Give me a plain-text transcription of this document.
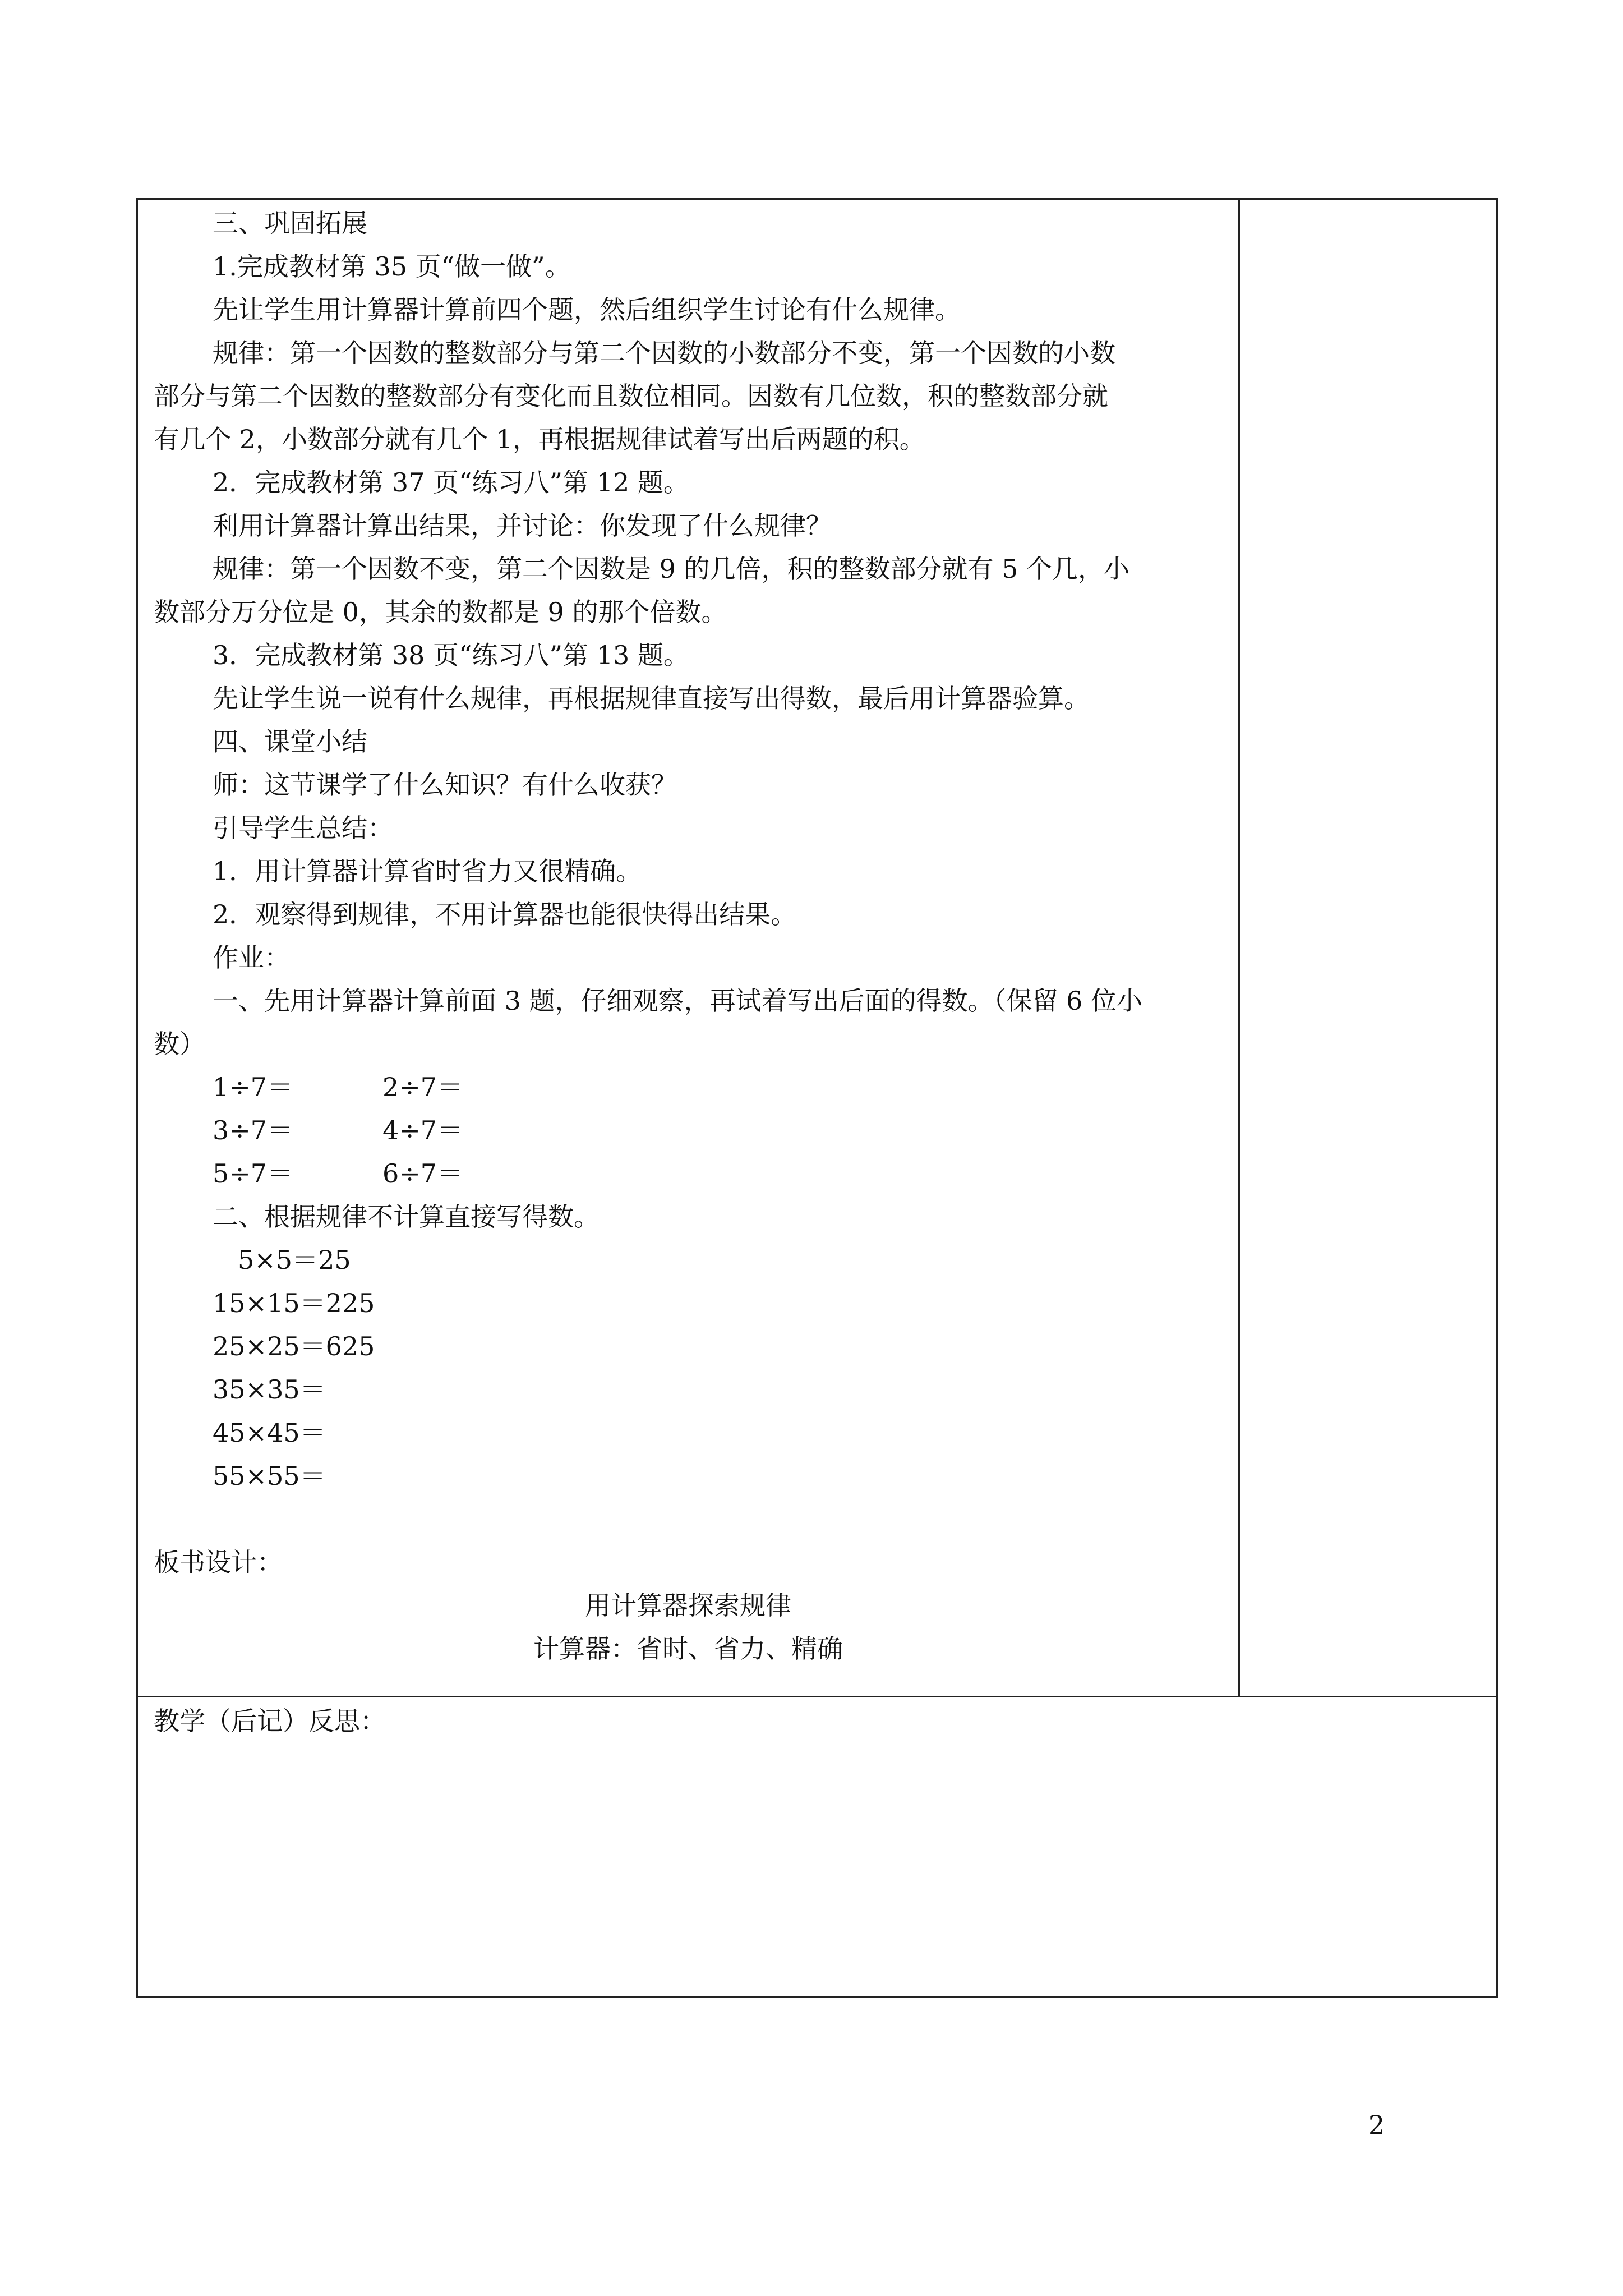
三、巩固拓展
1.完成教材第 35 页“做一做”。
先让学生用计算器计算前四个题，然后组织学生讨论有什么规律。
规律：第一个因数的整数部分与第二个因数的小数部分不变，第一个因数的小数
部分与第二个因数的整数部分有变化而且数位相同。因数有几位数，积的整数部分就
有几个 2，小数部分就有几个 1，再根据规律试着写出后两题的积。
2．完成教材第 37 页“练习八”第 12 题。
利用计算器计算出结果，并讨论：你发现了什么规律？
规律：第一个因数不变，第二个因数是 9 的几倍，积的整数部分就有 5 个几，小
数部分万分位是 0，其余的数都是 9 的那个倍数。
3．完成教材第 38 页“练习八”第 13 题。
先让学生说一说有什么规律，再根据规律直接写出得数，最后用计算器验算。
四、课堂小结
师：这节课学了什么知识？有什么收获？
引导学生总结：
1．用计算器计算省时省力又很精确。
2．观察得到规律，不用计算器也能很快得出结果。
作业：
一、先用计算器计算前面 3 题，仔细观察，再试着写出后面的得数。（保留 6 位小
数）
1÷7＝	2÷7＝
3÷7＝	4÷7＝
5÷7＝	6÷7＝
二、根据规律不计算直接写得数。
5×5＝25
15×15＝225
25×25＝625
35×35＝
45×45＝
55×55＝
板书设计：
用计算器探索规律
计算器：省时、省力、精确
教学（后记）反思：
2
